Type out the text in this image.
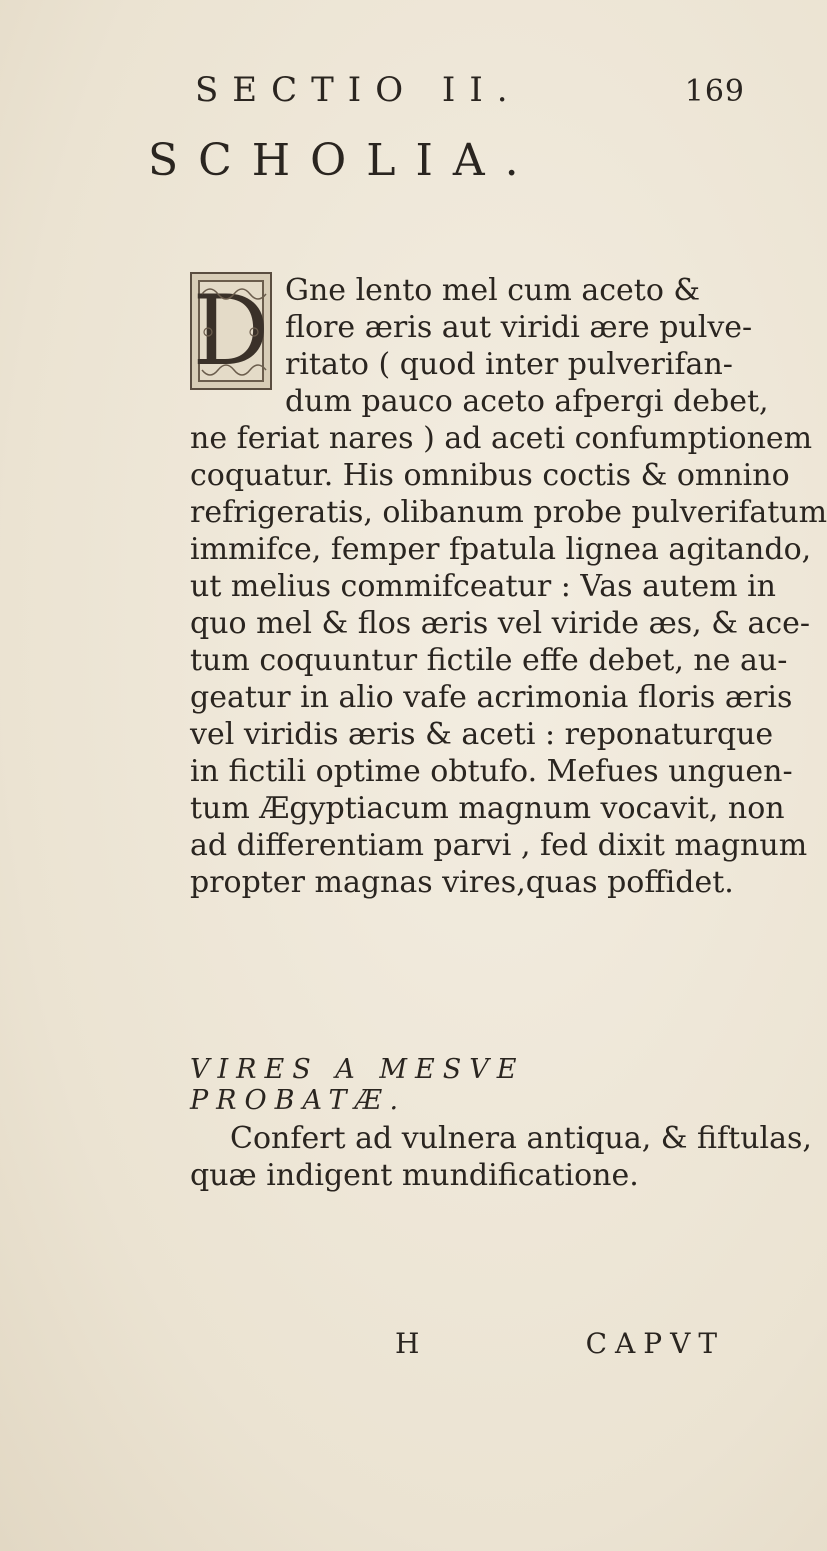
SECTIO II.	169
SCHOLIA.
Gne lento mel cum aceto &
flore æris aut viridi ære pulve-
ritato ( quod inter pulverifan-
dum pauco aceto afpergi debet,
ne feriat nares ) ad aceti confumptionem
coquatur. His omnibus coctis & omnino
refrigeratis, olibanum probe pulverifatum
immifce, femper fpatula lignea agitando,
ut melius commifceatur : Vas autem in
quo mel & flos æris vel viride æs, & ace-
tum coquuntur fictile effe debet, ne au-
geatur in alio vafe acrimonia floris æris
vel viridis æris & aceti : reponaturque
in fictili optime obtufo. Mefues unguen-
tum Ægyptiacum magnum vocavit, non
ad differentiam parvi , fed dixit magnum
propter magnas vires,quas poffidet.
D
VIRES A MESVE PROBATÆ.
Confert ad vulnera antiqua, & fiftulas,
quæ indigent mundificatione.
H	CAPVT
